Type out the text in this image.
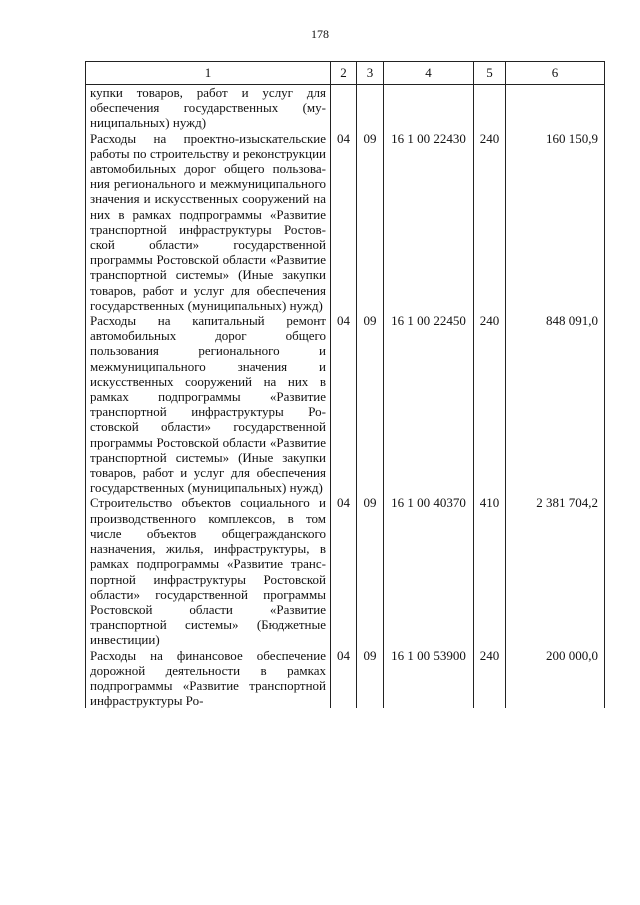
178
1	2	3	4	5	6
купки товаров, работ и услуг для обеспечения государственных (муниципальных) нужд)					
Расходы на проектно-изыскательские работы по строительству и реконструкции автомобильных дорог общего пользования регионального и межмуниципального значения и искусственных сооружений на них в рамках подпрограммы «Развитие транспортной инфраструктуры Ростовской области» государственной программы Ростовской области «Развитие транспортной системы» (Иные закупки товаров, работ и услуг для обеспечения государственных (муниципальных) нужд)	04	09	16 1 00 22430	240	160 150,9
Расходы на капитальный ремонт автомобильных дорог общего пользования регионального и межмуниципального значения и искусственных сооружений на них в рамках подпрограммы «Развитие транспортной инфраструктуры Ростовской области» государственной программы Ростовской области «Развитие транспортной системы» (Иные закупки товаров, работ и услуг для обеспечения государственных (муниципальных) нужд)	04	09	16 1 00 22450	240	848 091,0
Строительство объектов социального и производственного комплексов, в том числе объектов общегражданского назначения, жилья, инфраструктуры, в рамках подпрограммы «Развитие транспортной инфраструктуры Ростовской области» государственной программы Ростовской области «Развитие транспортной системы» (Бюджетные инвестиции)	04	09	16 1 00 40370	410	2 381 704,2
Расходы на финансовое обеспечение дорожной деятельности в рамках подпрограммы «Развитие транспортной инфраструктуры Ро-	04	09	16 1 00 53900	240	200 000,0
